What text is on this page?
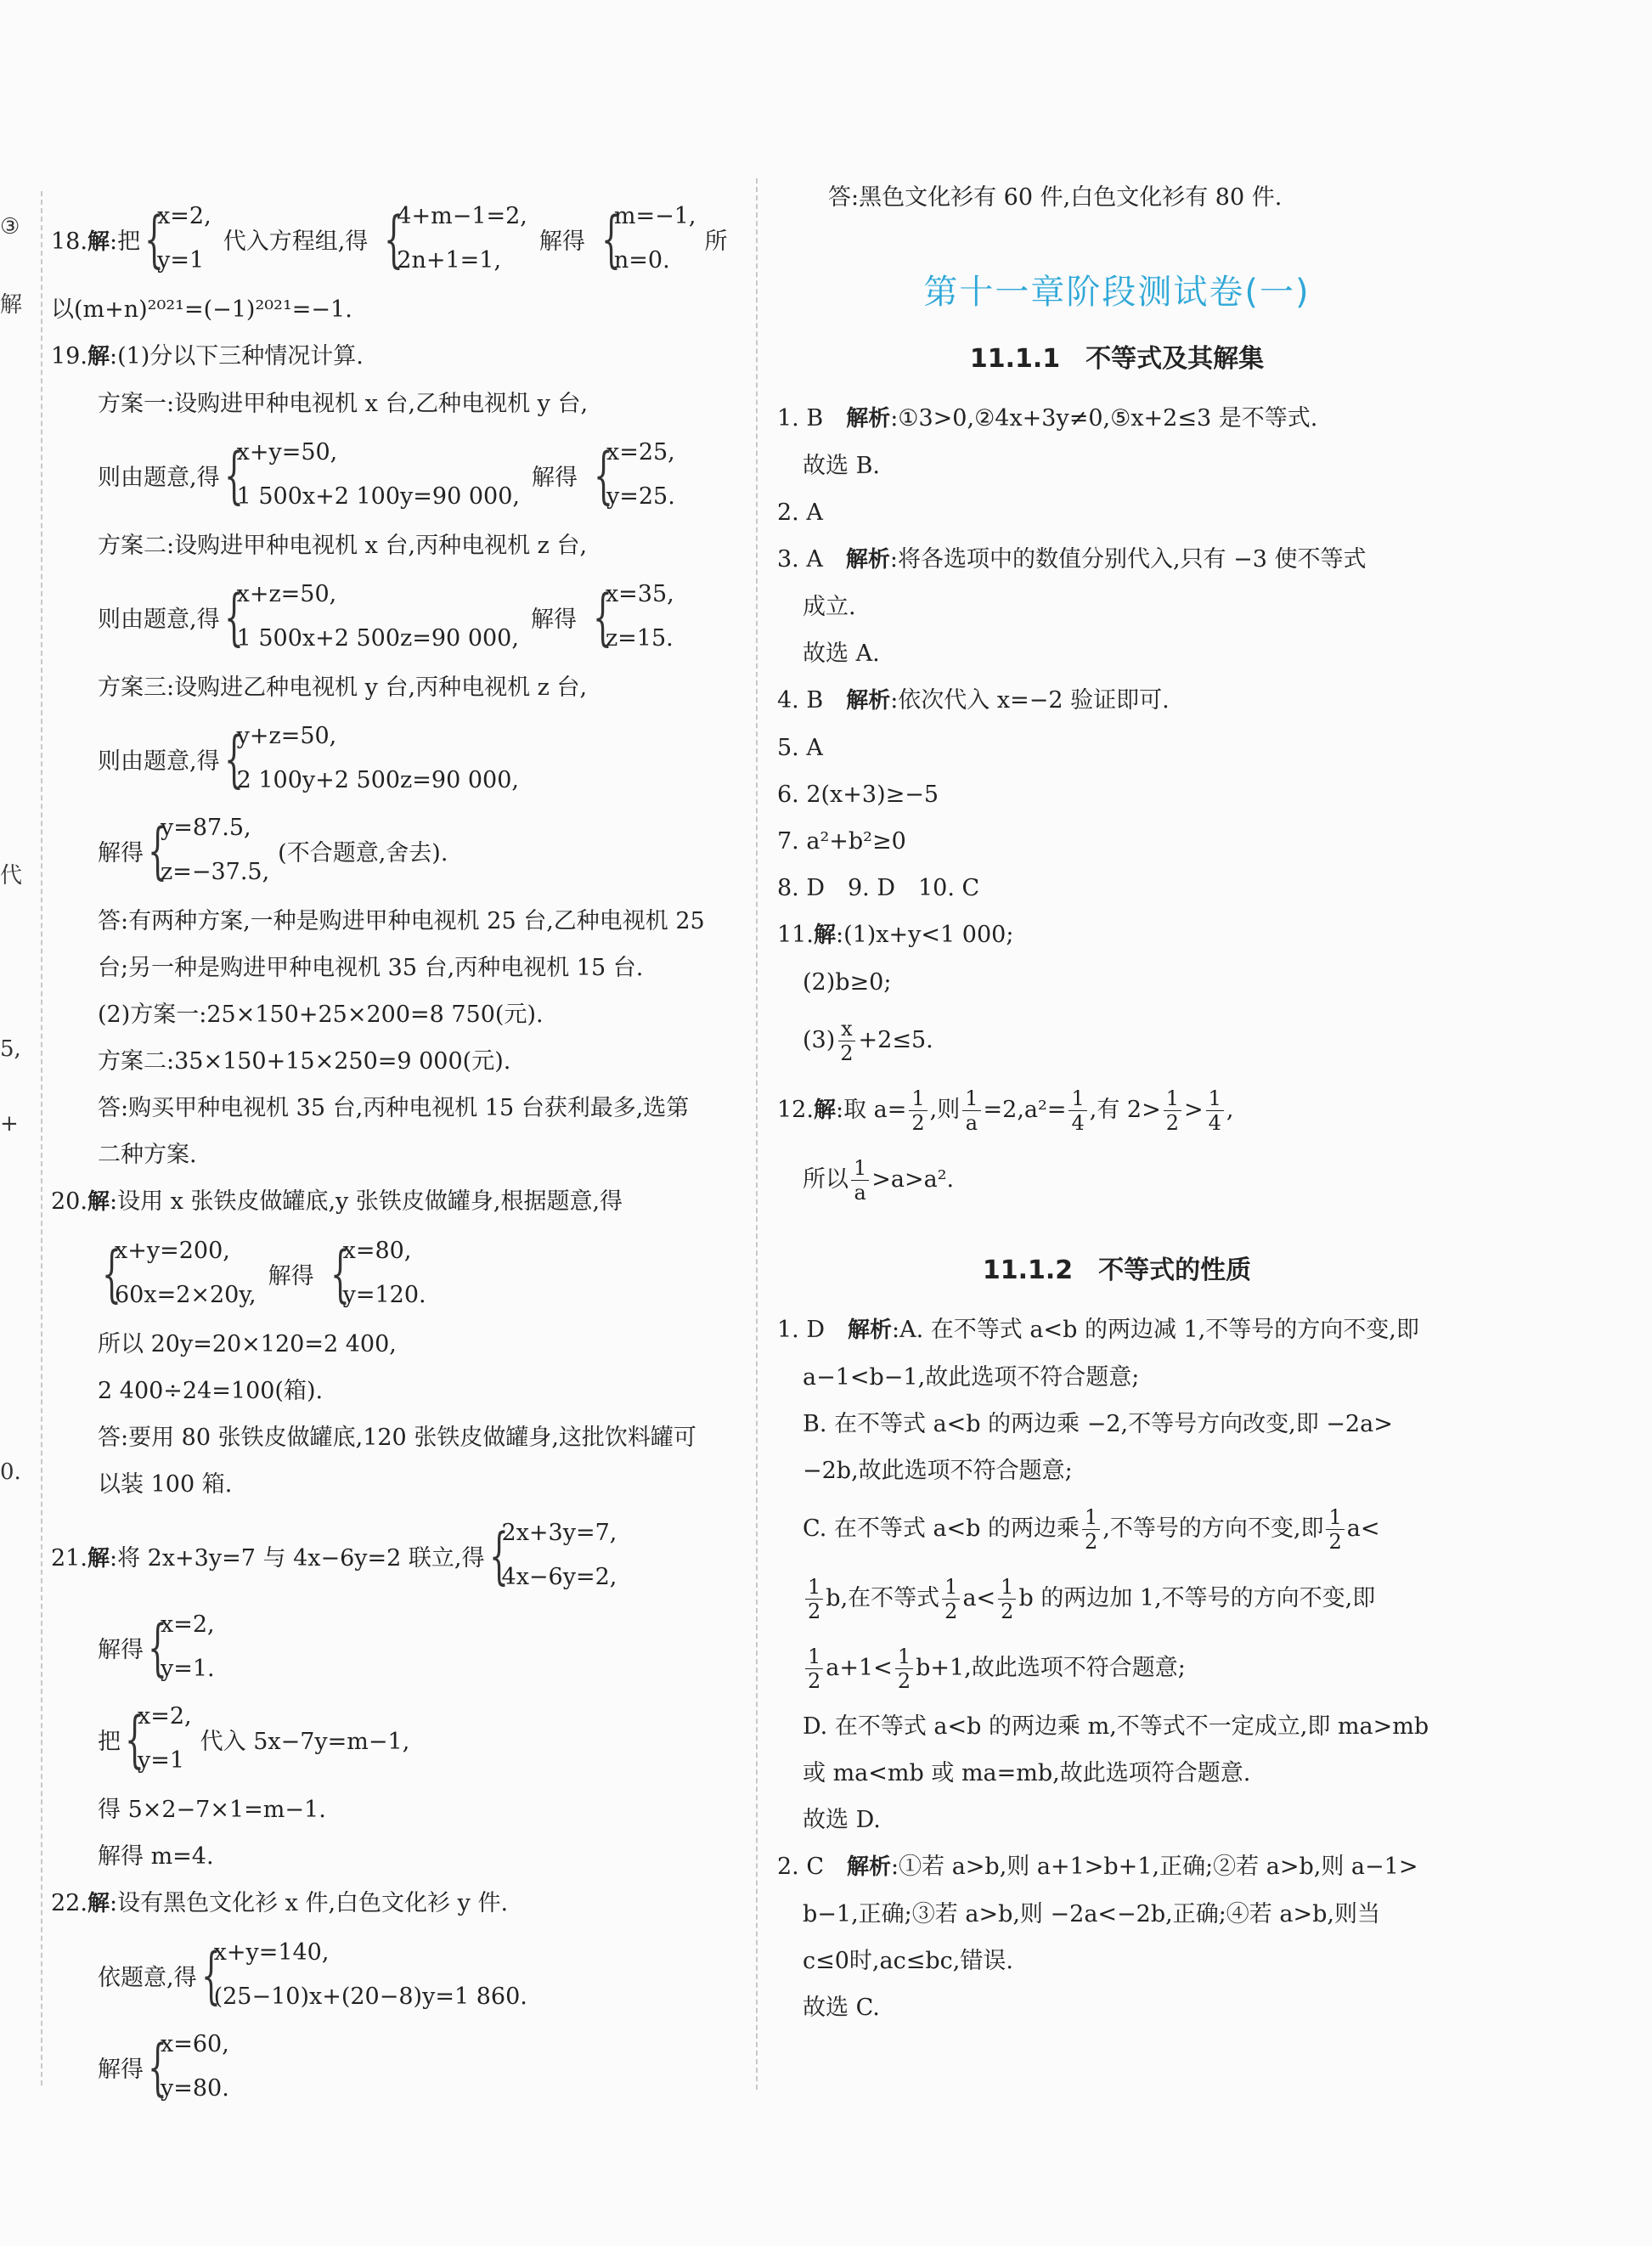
③
解
代
5,
+
0.
18.解:把 {
x=2,
y=1
代入方程组,得 {
4+m−1=2,
2n+1=1,
解得 {
m=−1,
n=0.
所
以(m+n)²⁰²¹=(−1)²⁰²¹=−1.
19.解:(1)分以下三种情况计算.
方案一:设购进甲种电视机 x 台,乙种电视机 y 台,
则由题意,得 {
x+y=50,
1 500x+2 100y=90 000,
解得 {
x=25,
y=25.
方案二:设购进甲种电视机 x 台,丙种电视机 z 台,
则由题意,得 {
x+z=50,
1 500x+2 500z=90 000,
解得 {
x=35,
z=15.
方案三:设购进乙种电视机 y 台,丙种电视机 z 台,
则由题意,得 {
y+z=50,
2 100y+2 500z=90 000,
解得 {
y=87.5,
z=−37.5,
(不合题意,舍去).
答:有两种方案,一种是购进甲种电视机 25 台,乙种电视机 25
台;另一种是购进甲种电视机 35 台,丙种电视机 15 台.
(2)方案一:25×150+25×200=8 750(元).
方案二:35×150+15×250=9 000(元).
答:购买甲种电视机 35 台,丙种电视机 15 台获利最多,选第
二种方案.
20.解:设用 x 张铁皮做罐底,y 张铁皮做罐身,根据题意,得
{
x+y=200,
60x=2×20y,
解得 {
x=80,
y=120.
所以 20y=20×120=2 400,
2 400÷24=100(箱).
答:要用 80 张铁皮做罐底,120 张铁皮做罐身,这批饮料罐可
以装 100 箱.
21.解:将 2x+3y=7 与 4x−6y=2 联立,得 {
2x+3y=7,
4x−6y=2,
解得 {
x=2,
y=1.
把 {
x=2,
y=1
代入 5x−7y=m−1,
得 5×2−7×1=m−1.
解得 m=4.
22.解:设有黑色文化衫 x 件,白色文化衫 y 件.
依题意,得 {
x+y=140,
(25−10)x+(20−8)y=1 860.
解得 {
x=60,
y=80.
答:黑色文化衫有 60 件,白色文化衫有 80 件.
第十一章阶段测试卷(一)
11.1.1　不等式及其解集
1. B　 解析:①3>0,②4x+3y≠0,⑤x+2≤3 是不等式.
故选 B.
2. A
3. A　 解析:将各选项中的数值分别代入,只有 −3 使不等式
成立.
故选 A.
4. B　 解析:依次代入 x=−2 验证即可.
5. A
6. 2(x+3)≥−5
7. a²+b²≥0
8. D　9. D　10. C
11.解:(1)x+y<1 000;
(2)b≥0;
$(3) \frac{x}{2} +2\le 5$.
12.解:取 $a= \frac{1}{2}$ ,则 $\frac{1}{a} =2,a^2= \frac{1}{4}$ ,有 $2> \frac{1}{2} > \frac{1}{4}$ ,
所以 $\frac{1}{a} >a>a^2$.
11.1.2　不等式的性质
1. D　 解析:A. 在不等式 a<b 的两边减 1,不等号的方向不变,即
a−1<b−1,故此选项不符合题意;
B. 在不等式 a<b 的两边乘 −2,不等号方向改变,即 −2a>
−2b,故此选项不符合题意;
C. 在不等式 a<b 的两边乘 $\frac{1}{2}$ ,不等号的方向不变,即 $\frac{1}{2} a<$
$\frac{1}{2} b$,在不等式 $\frac{1}{2} a< \frac{1}{2}$ b 的两边加 1,不等号的方向不变,即
$\frac{1}{2} a+1< \frac{1}{2} b+1$,故此选项不符合题意;
D. 在不等式 a<b 的两边乘 m,不等式不一定成立,即 ma>mb
或 ma<mb 或 ma=mb,故此选项符合题意.
故选 D.
2. C　 解析:①若 a>b,则 a+1>b+1,正确;②若 a>b,则 a−1>
b−1,正确;③若 a>b,则 −2a<−2b,正确;④若 a>b,则当
c≤0时,ac≤bc,错误.
故选 C.
